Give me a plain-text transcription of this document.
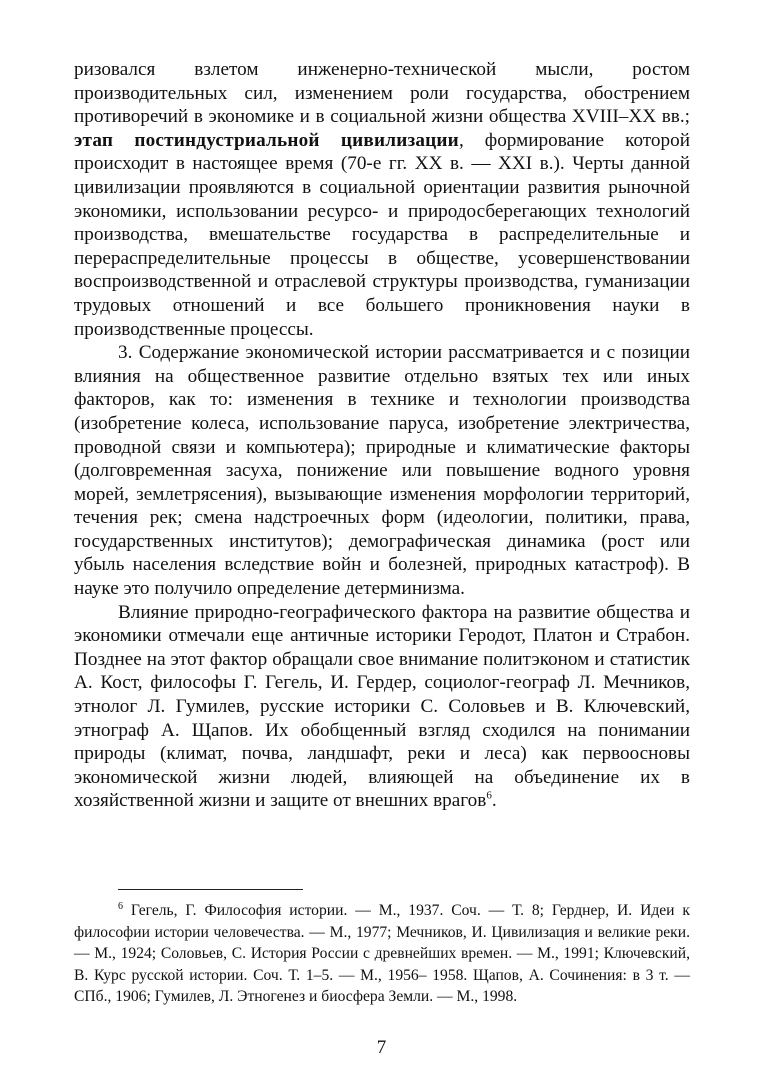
ризовался взлетом инженерно-технической мысли, ростом производительных сил, изменением роли государства, обострением противоречий в экономике и в социальной жизни общества XVIII–XX вв.; этап постиндустриальной цивилизации, формирование которой происходит в настоящее время (70-е гг. XX в. — XXI в.). Черты данной цивилизации проявляются в социальной ориентации развития рыночной экономики, использовании ресурсо- и природосберегающих технологий производства, вмешательстве государства в распределительные и перераспределительные процессы в обществе, усовершенствовании воспроизводственной и отраслевой структуры производства, гуманизации трудовых отношений и все большего проникновения науки в производственные процессы.

3. Содержание экономической истории рассматривается и с позиции влияния на общественное развитие отдельно взятых тех или иных факторов, как то: изменения в технике и технологии производства (изобретение колеса, использование паруса, изобретение электричества, проводной связи и компьютера); природные и климатические факторы (долговременная засуха, понижение или повышение водного уровня морей, землетрясения), вызывающие изменения морфологии территорий, течения рек; смена надстроечных форм (идеологии, политики, права, государственных институтов); демографическая динамика (рост или убыль населения вследствие войн и болезней, природных катастроф). В науке это получило определение детерминизма.

Влияние природно-географического фактора на развитие общества и экономики отмечали еще античные историки Геродот, Платон и Страбон. Позднее на этот фактор обращали свое внимание политэконом и статистик А. Кост, философы Г. Гегель, И. Гердер, социолог-географ Л. Мечников, этнолог Л. Гумилев, русские историки С. Соловьев и В. Ключевский, этнограф А. Щапов. Их обобщенный взгляд сходился на понимании природы (климат, почва, ландшафт, реки и леса) как первоосновы экономической жизни людей, влияющей на объединение их в хозяйственной жизни и защите от внешних врагов$^6$.

$^6$ Гегель, Г. Философия истории. — М., 1937. Соч. — Т. 8; Герднер, И. Идеи к философии истории человечества. — М., 1977; Мечников, И. Цивилизация и великие реки. — М., 1924; Соловьев, С. История России с древнейших времен. — М., 1991; Ключевский, В. Курс русской истории. Соч. Т. 1–5. — М., 1956– 1958. Щапов, А. Сочинения: в 3 т. — СПб., 1906; Гумилев, Л. Этногенез и биосфера Земли. — М., 1998.

7
